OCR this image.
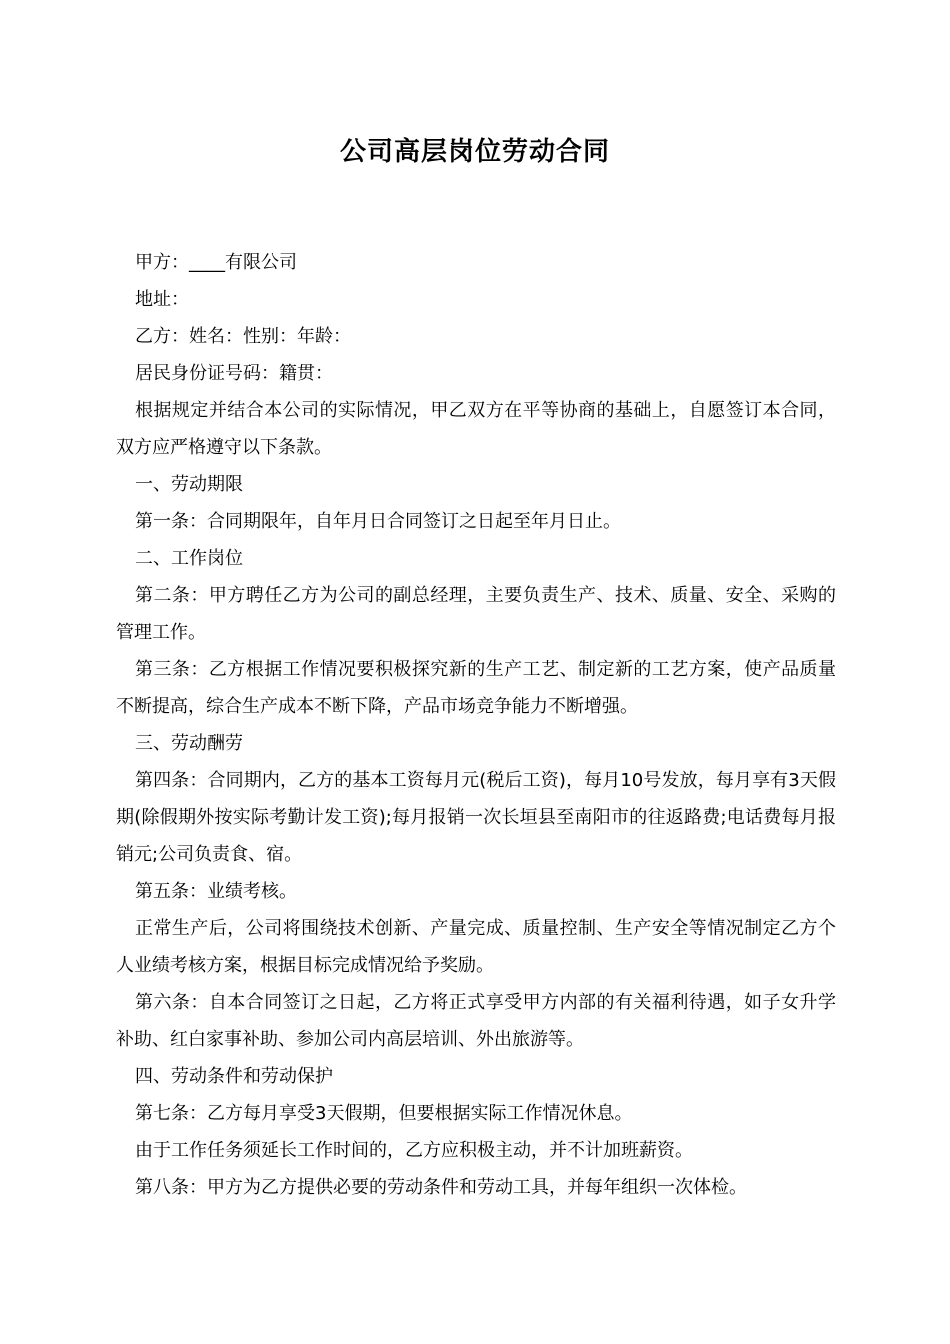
公司高层岗位劳动合同

甲方：____有限公司

地址：

乙方：姓名：性别：年龄：

居民身份证号码：籍贯：

根据规定并结合本公司的实际情况，甲乙双方在平等协商的基础上，自愿签订本合同，双方应严格遵守以下条款。

一、劳动期限

第一条：合同期限年，自年月日合同签订之日起至年月日止。

二、工作岗位

第二条：甲方聘任乙方为公司的副总经理，主要负责生产、技术、质量、安全、采购的管理工作。

第三条：乙方根据工作情况要积极探究新的生产工艺、制定新的工艺方案，使产品质量不断提高，综合生产成本不断下降，产品市场竞争能力不断增强。

三、劳动酬劳

第四条：合同期内，乙方的基本工资每月元(税后工资)，每月10号发放，每月享有3天假期(除假期外按实际考勤计发工资);每月报销一次长垣县至南阳市的往返路费;电话费每月报销元;公司负责食、宿。

第五条：业绩考核。

正常生产后，公司将围绕技术创新、产量完成、质量控制、生产安全等情况制定乙方个人业绩考核方案，根据目标完成情况给予奖励。

第六条：自本合同签订之日起，乙方将正式享受甲方内部的有关福利待遇，如子女升学补助、红白家事补助、参加公司内高层培训、外出旅游等。

四、劳动条件和劳动保护

第七条：乙方每月享受3天假期，但要根据实际工作情况休息。

由于工作任务须延长工作时间的，乙方应积极主动，并不计加班薪资。

第八条：甲方为乙方提供必要的劳动条件和劳动工具，并每年组织一次体检。
